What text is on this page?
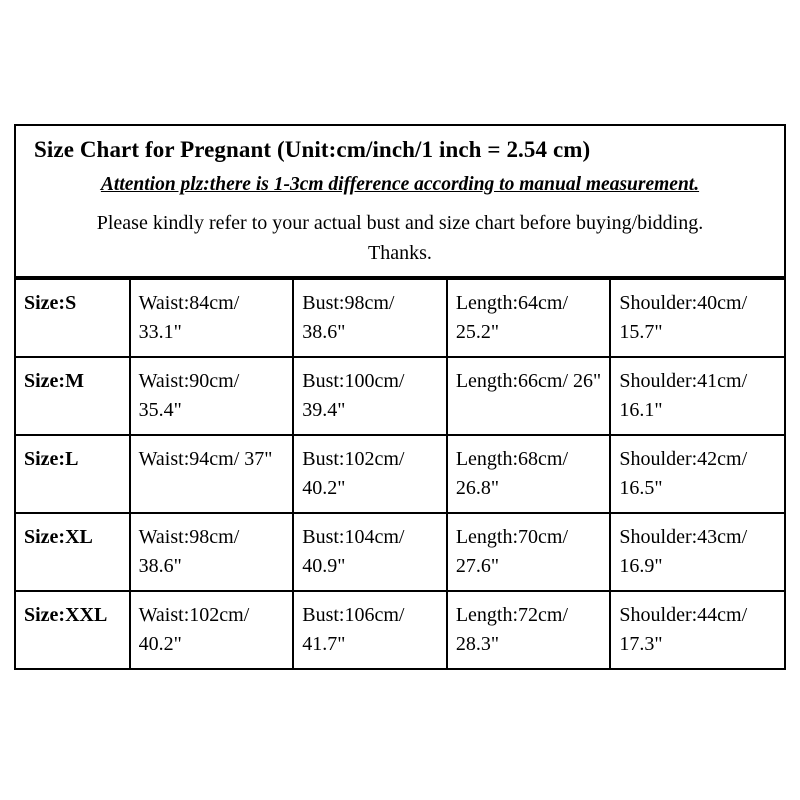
Size Chart for Pregnant (Unit:cm/inch/1 inch = 2.54 cm)
Attention plz:there is 1-3cm difference according to manual measurement.
Please kindly refer to your actual bust and size chart before buying/bidding.
Thanks.
Size:S	Waist:84cm/ 33.1"	Bust:98cm/ 38.6"	Length:64cm/ 25.2"	Shoulder:40cm/ 15.7"
Size:M	Waist:90cm/ 35.4"	Bust:100cm/ 39.4"	Length:66cm/ 26"	Shoulder:41cm/ 16.1"
Size:L	Waist:94cm/ 37"	Bust:102cm/ 40.2"	Length:68cm/ 26.8"	Shoulder:42cm/ 16.5"
Size:XL	Waist:98cm/ 38.6"	Bust:104cm/ 40.9"	Length:70cm/ 27.6"	Shoulder:43cm/ 16.9"
Size:XXL	Waist:102cm/ 40.2"	Bust:106cm/ 41.7"	Length:72cm/ 28.3"	Shoulder:44cm/ 17.3"
